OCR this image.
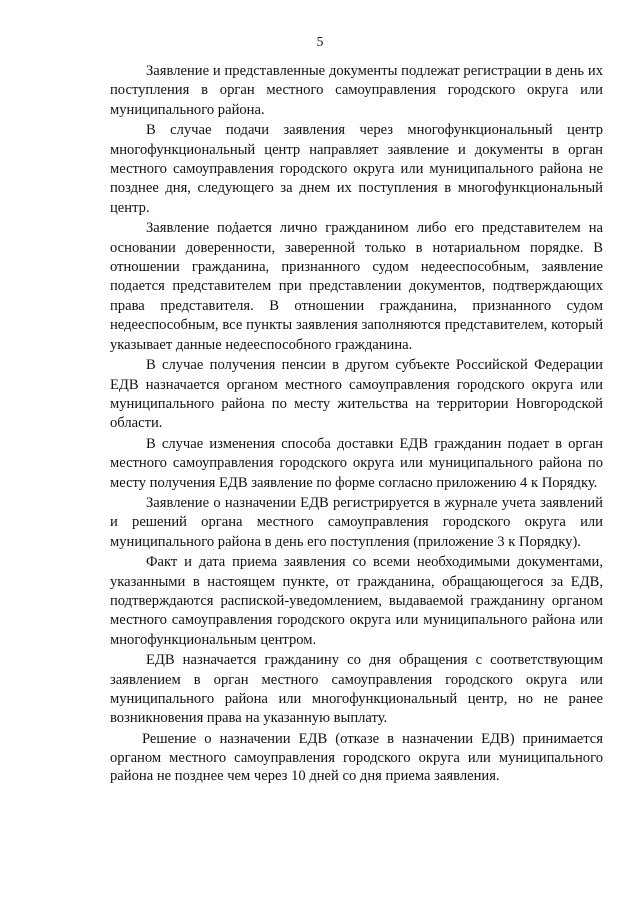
5

Заявление и представленные документы подлежат регистрации в день их поступления в орган местного самоуправления городского округа или муниципального района.

В случае подачи заявления через многофункциональный центр многофункциональный центр направляет заявление и документы в орган местного самоуправления городского округа или муниципального района не позднее дня, следующего за днем их поступления в многофункциональный центр.

Заявление подается лично гражданином либо его представителем на основании доверенности, заверенной только в нотариальном порядке. В отношении гражданина, признанного судом недееспособным, заявление подается представителем при представлении документов, подтверждающих права представителя. В отношении гражданина, признанного судом недееспособным, все пункты заявления заполняются представителем, который указывает данные недееспособного гражданина.

В случае получения пенсии в другом субъекте Российской Федерации ЕДВ назначается органом местного самоуправления городского округа или муниципального района по месту жительства на территории Новгородской области.

В случае изменения способа доставки ЕДВ гражданин подает в орган местного самоуправления городского округа или муниципального района по месту получения ЕДВ заявление по форме согласно приложению 4 к Порядку.

Заявление о назначении ЕДВ регистрируется в журнале учета заявлений и решений органа местного самоуправления городского округа или муниципального района в день его поступления (приложение 3 к Порядку).

Факт и дата приема заявления со всеми необходимыми документами, указанными в настоящем пункте, от гражданина, обращающегося за ЕДВ, подтверждаются распиской-уведомлением, выдаваемой гражданину органом местного самоуправления городского округа или муниципального района или многофункциональным центром.

ЕДВ назначается гражданину со дня обращения с соответствующим заявлением в орган местного самоуправления городского округа или муниципального района или многофункциональный центр, но не ранее возникновения права на указанную выплату.

Решение о назначении ЕДВ (отказе в назначении ЕДВ) принимается органом местного самоуправления городского округа или муниципального района не позднее чем через 10 дней со дня приема заявления.
